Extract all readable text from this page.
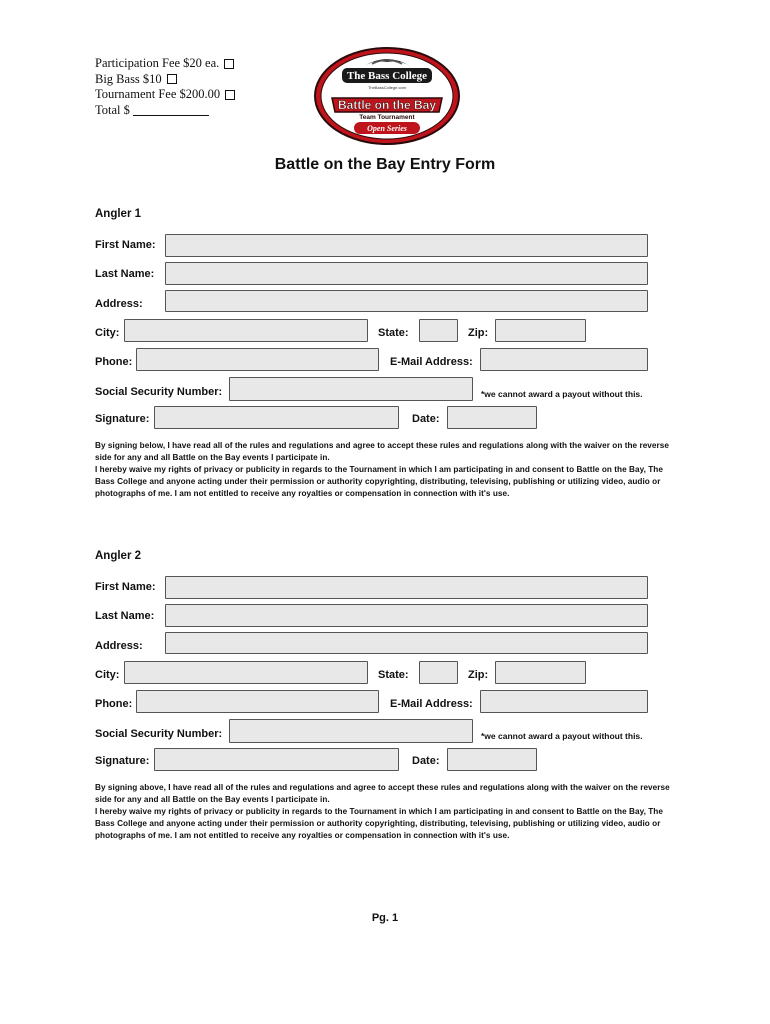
Participation Fee $20 ea.
Big Bass $10
Tournament Fee $200.00
Total $
The Bass College
TheBassCollege.com
Battle on the Bay
Team Tournament
Open Series
Battle on the Bay Entry Form
Angler 1
First Name:
Last Name:
Address:
City:	State:	Zip:
Phone:	E-Mail Address:
Social Security Number:	*we cannot award a payout without this.
Signature:	Date:

By signing below, I have read all of the rules and regulations and agree to accept these rules and regulations along with the waiver on the reverse side for any and all Battle on the Bay events I participate in.

I hereby waive my rights of privacy or publicity in regards to the Tournament in which I am participating in and consent to Battle on the Bay, The Bass College and anyone acting under their permission or authority copyrighting, distributing, televising, publishing or utilizing video, audio or photographs of me. I am not entitled to receive any royalties or compensation in connection with it's use.

Angler 2
First Name:
Last Name:
Address:
City:	State:	Zip:
Phone:	E-Mail Address:
Social Security Number:	*we cannot award a payout without this.
Signature:	Date:

By signing above, I have read all of the rules and regulations and agree to accept these rules and regulations along with the waiver on the reverse side for any and all Battle on the Bay events I participate in.

I hereby waive my rights of privacy or publicity in regards to the Tournament in which I am participating in and consent to Battle on the Bay, The Bass College and anyone acting under their permission or authority copyrighting, distributing, televising, publishing or utilizing video, audio or photographs of me. I am not entitled to receive any royalties or compensation in connection with it's use.

Pg. 1
